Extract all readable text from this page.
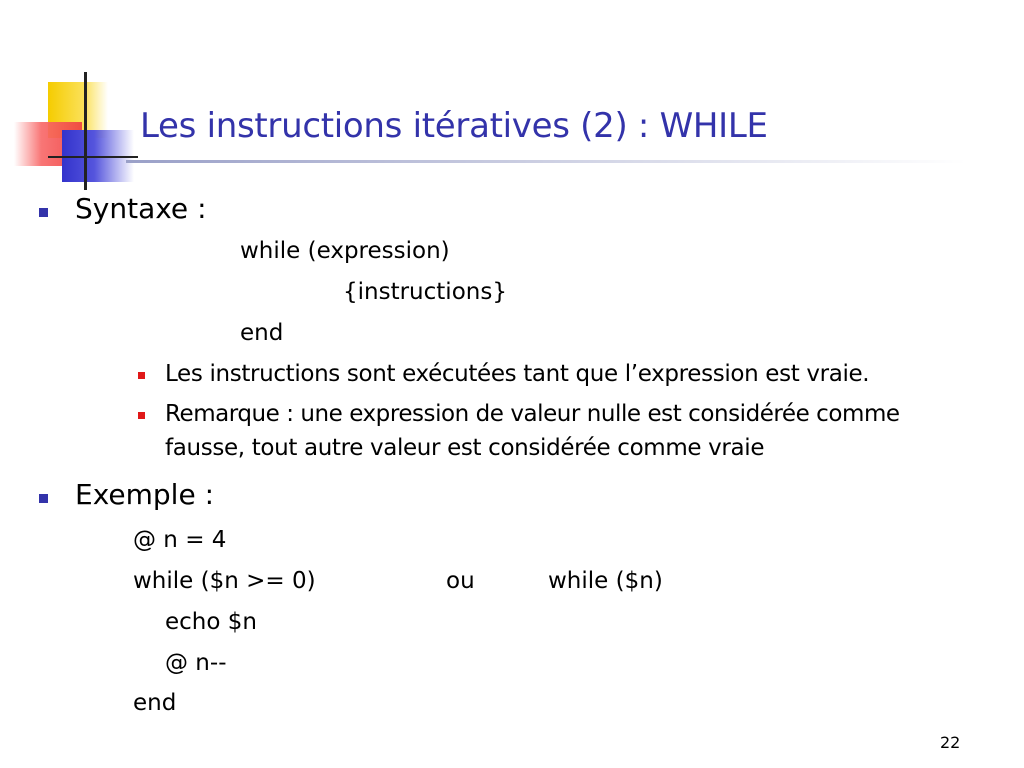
Les instructions itératives (2) : WHILE
Syntaxe :
while (expression)
{instructions}
end
Les instructions sont exécutées tant que l’expression est vraie.
Remarque : une expression de valeur nulle est considérée comme
fausse, tout autre valeur est considérée comme vraie
Exemple :
@ n = 4
while ($n >= 0)	ou	while ($n)
echo $n
@ n--
end
22
